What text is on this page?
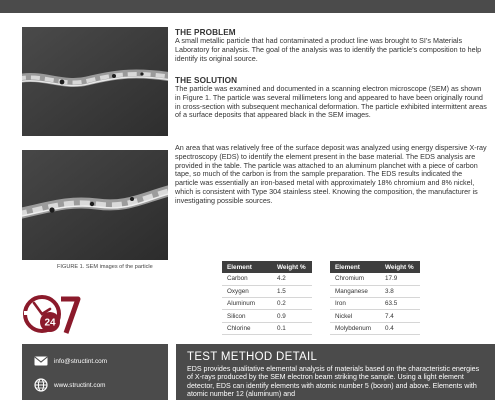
FIGURE 1. SEM images of the particle
THE PROBLEM
A small metallic particle that had contaminated a product line was brought to SI’s Materials Laboratory for analysis. The goal of the analysis was to identify the particle’s composition to help identify its original source.
THE SOLUTION
The particle was examined and documented in a scanning electron microscope (SEM) as shown in Figure 1. The particle was several millimeters long and appeared to have been originally round in cross-section with subsequent mechanical deformation. The particle exhibited intermittent areas of a surface deposits that appeared black in the SEM images.
An area that was relatively free of the surface deposit was analyzed using energy dispersive X-ray spectroscopy (EDS) to identify the element present in the base material. The EDS analysis are provided in the table. The particle was attached to an aluminum planchet with a piece of carbon tape, so much of the carbon is from the sample preparation. The EDS results indicated the particle was essentially an iron-based metal with approximately 18% chromium and 8% nickel, which is consistent with Type 304 stainless steel. Knowing the composition, the manufacturer is investigating possible sources.
Element	Weight %
Carbon	4.2
Oxygen	1.5
Aluminum	0.2
Silicon	0.9
Chlorine	0.1
Element	Weight %
Chromium	17.9
Manganese	3.8
Iron	63.5
Nickel	7.4
Molybdenum	0.4
24
info@structint.com
www.structint.com
TEST METHOD DETAIL
EDS provides qualitative elemental analysis of materials based on the characteristic energies of X-rays produced by the SEM electron beam striking the sample. Using a light element detector, EDS can identify elements with atomic number 5 (boron) and above. Elements with atomic number 12 (aluminum) and
